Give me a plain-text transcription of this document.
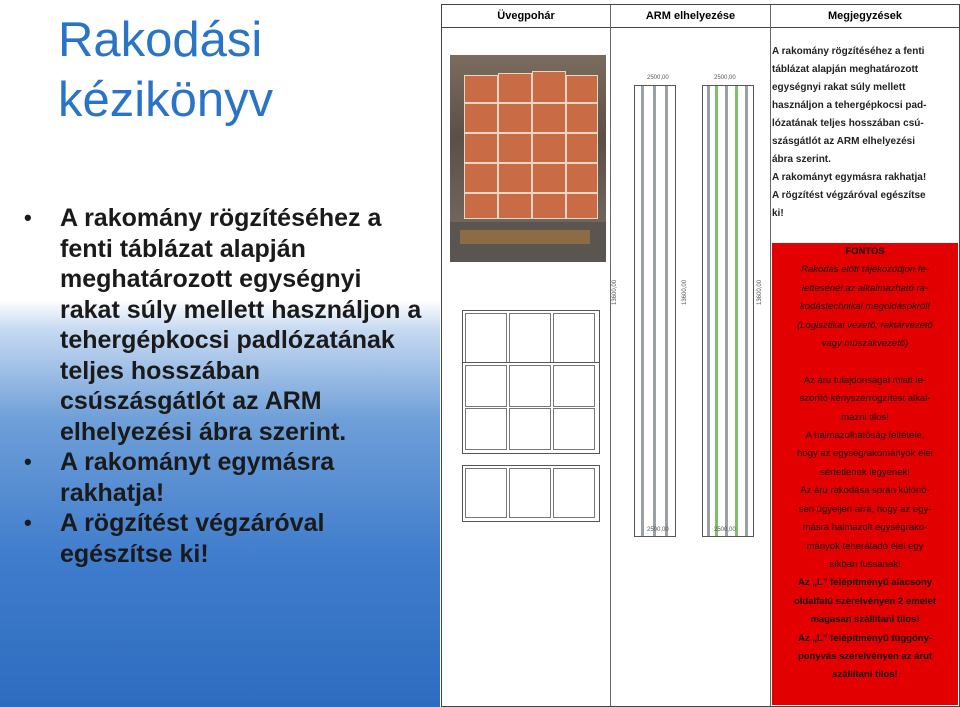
Rakodási kézikönyv
• A rakomány rögzítéséhez a fenti táblázat alapján meghatározott egységnyi rakat súly mellett használjon a tehergépkocsi padlózatának teljes hosszában csúszásgátlót az ARM elhelyezési ábra szerint.
• A rakományt egymásra rakhatja!
• A rögzítést végzáróval egészítse ki!
Üvegpohár	ARM elhelyezése	Megjegyzések
2500,00	2500,00
2500,00	2500,00
13600,00	13600,00	13600,00
A rakomány rögzítéséhez a fenti
táblázat alapján meghatározott
egységnyi rakat súly mellett
használjon a tehergépkocsi pad-
lózatának teljes hosszában csú-
szásgátlót az ARM elhelyezési
ábra szerint.
A rakományt egymásra rakhatja!
A rögzítést végzáróval egészítse
ki!
FONTOS
Rakodás előtt tájékozódjon fe-
lettesénél az alkalmazható ra-
kodástechnikai megoldásokról!
(Logisztikai vezető, raktárvezető
vagy műszakvezető)

Az áru tulajdonságai miatt le-
szorító kényszerrögzítést alkal-
mazni tilos!
A halmazolhatóság feltétele,
hogy az egységrakományok élei
sértetlenek legyenek!
Az áru rakodása során különö-
sen ügyeljen arra, hogy az egy-
másra halmazolt egységrako-
mányok teherátadó élei egy
síkban fussanak!
Az „L” felépítményű alacsony
oldalfalú szerelvényen 2 emelet
magasan szállítani tilos!
Az „L” felépítményű függöny-
ponyvás szerelvényen az árut
szállítani tilos!
